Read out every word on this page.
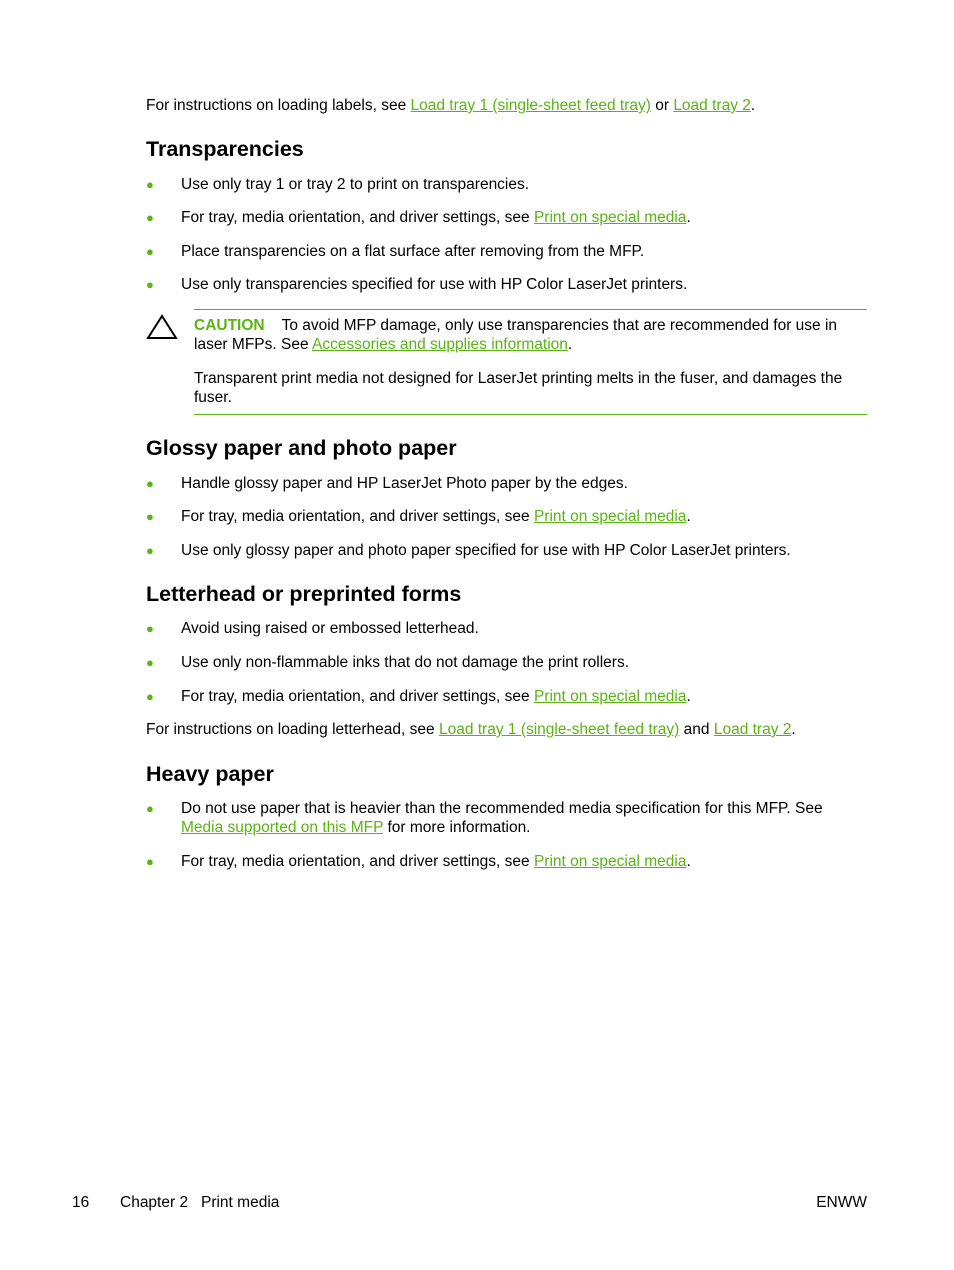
For instructions on loading labels, see Load tray 1 (single-sheet feed tray) or Load tray 2.
Transparencies
●	Use only tray 1 or tray 2 to print on transparencies.
●	For tray, media orientation, and driver settings, see Print on special media.
●	Place transparencies on a flat surface after removing from the MFP.
●	Use only transparencies specified for use with HP Color LaserJet printers.
CAUTION To avoid MFP damage, only use transparencies that are recommended for use in
laser MFPs. See Accessories and supplies information.
Transparent print media not designed for LaserJet printing melts in the fuser, and damages the
fuser.
Glossy paper and photo paper
●	Handle glossy paper and HP LaserJet Photo paper by the edges.
●	For tray, media orientation, and driver settings, see Print on special media.
●	Use only glossy paper and photo paper specified for use with HP Color LaserJet printers.
Letterhead or preprinted forms
●	Avoid using raised or embossed letterhead.
●	Use only non-flammable inks that do not damage the print rollers.
●	For tray, media orientation, and driver settings, see Print on special media.
For instructions on loading letterhead, see Load tray 1 (single-sheet feed tray) and Load tray 2.
Heavy paper
●	Do not use paper that is heavier than the recommended media specification for this MFP. See
Media supported on this MFP for more information.
●	For tray, media orientation, and driver settings, see Print on special media.
16 Chapter 2   Print media	ENWW
